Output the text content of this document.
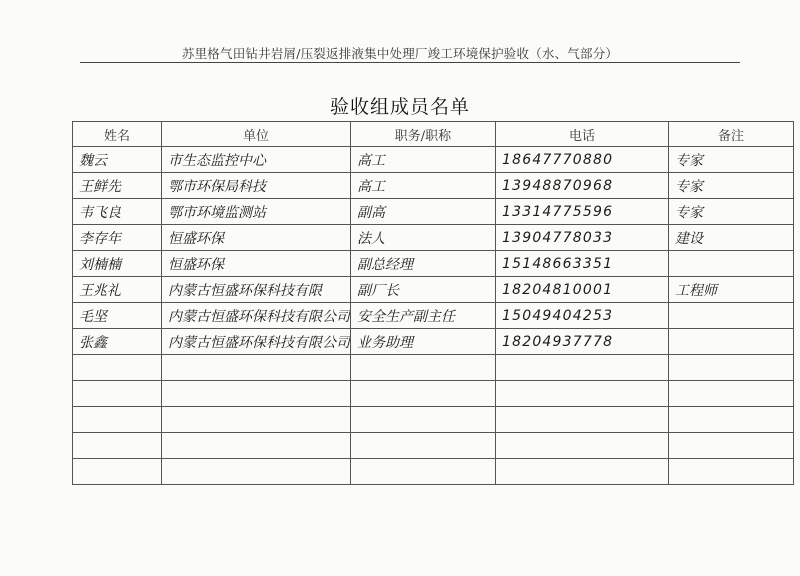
苏里格气田钻井岩屑/压裂返排液集中处理厂竣工环境保护验收（水、气部分）
验收组成员名单
姓名	单位	职务/职称	电话	备注
魏云	市生态监控中心	高工	18647770880	专家
王鲜先	鄂市环保局科技	高工	13948870968	专家
韦飞良	鄂市环境监测站	副高	13314775596	专家
李存年	恒盛环保	法人	13904778033	建设
刘楠楠	恒盛环保	副总经理	15148663351	
王兆礼	内蒙古恒盛环保科技有限	副厂长	18204810001	工程师
毛坚	内蒙古恒盛环保科技有限公司	安全生产副主任	15049404253	
张鑫	内蒙古恒盛环保科技有限公司	业务助理	18204937778	
